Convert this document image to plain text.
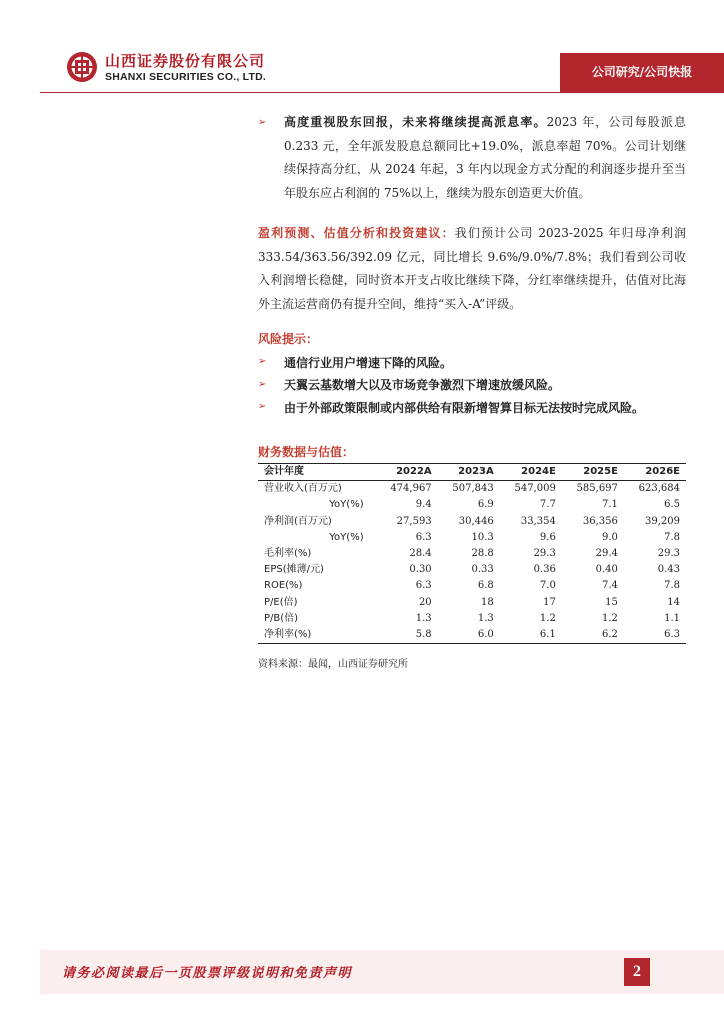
山西证券股份有限公司
SHANXI SECURITIES CO., LTD.	公司研究/公司快报
➢	高度重视股东回报，未来将继续提高派息率。2023 年，公司每股派息 0.233 元，全年派发股息总额同比+19.0%，派息率超 70%。公司计划继续保持高分红，从 2024 年起，3 年内以现金方式分配的利润逐步提升至当年股东应占利润的 75%以上，继续为股东创造更大价值。
盈利预测、估值分析和投资建议：我们预计公司 2023-2025 年归母净利润 333.54/363.56/392.09 亿元，同比增长 9.6%/9.0%/7.8%；我们看到公司收入利润增长稳健，同时资本开支占收比继续下降，分红率继续提升，估值对比海外主流运营商仍有提升空间，维持“买入-A”评级。
风险提示：
➢	通信行业用户增速下降的风险。
➢	天翼云基数增大以及市场竞争激烈下增速放缓风险。
➢	由于外部政策限制或内部供给有限新增智算目标无法按时完成风险。
财务数据与估值：
会计年度	2022A	2023A	2024E	2025E	2026E
营业收入(百万元)	474,967	507,843	547,009	585,697	623,684
YoY(%)	9.4	6.9	7.7	7.1	6.5
净利润(百万元)	27,593	30,446	33,354	36,356	39,209
YoY(%)	6.3	10.3	9.6	9.0	7.8
毛利率(%)	28.4	28.8	29.3	29.4	29.3
EPS(摊薄/元)	0.30	0.33	0.36	0.40	0.43
ROE(%)	6.3	6.8	7.0	7.4	7.8
P/E(倍)	20	18	17	15	14
P/B(倍)	1.3	1.3	1.2	1.2	1.1
净利率(%)	5.8	6.0	6.1	6.2	6.3
资料来源：最闻，山西证券研究所
请务必阅读最后一页股票评级说明和免责声明	2
